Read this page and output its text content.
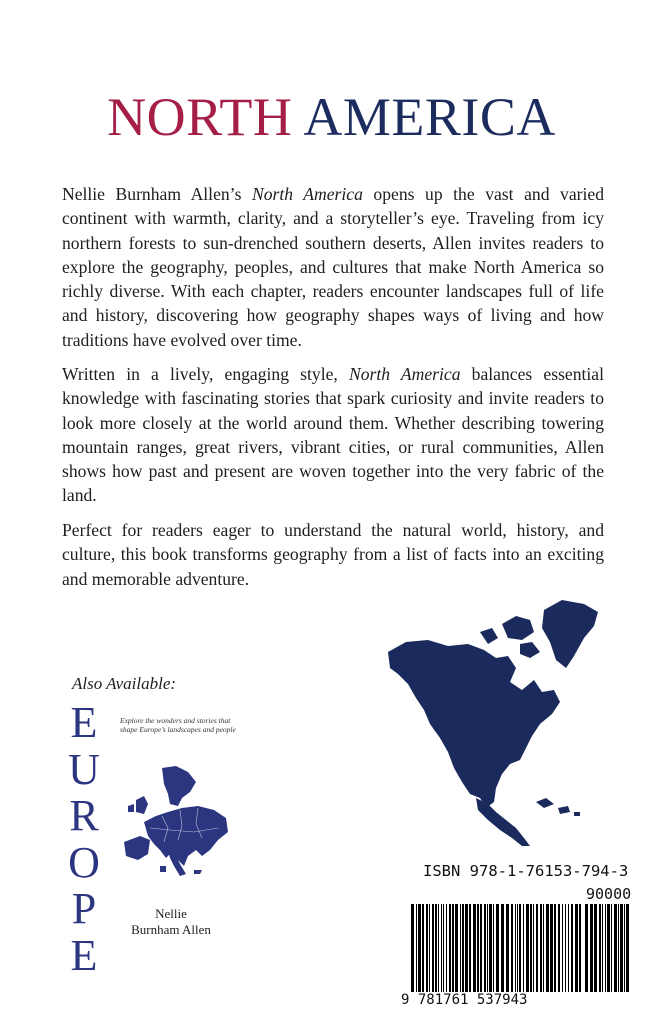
NORTH AMERICA

Nellie Burnham Allen’s North America opens up the vast and varied continent with warmth, clarity, and a storyteller’s eye. Traveling from icy northern forests to sun-drenched southern deserts, Allen invites readers to explore the geography, peoples, and cultures that make North America so richly diverse. With each chapter, readers encounter landscapes full of life and history, discovering how geography shapes ways of living and how traditions have evolved over time.

Written in a lively, engaging style, North America balances essential knowledge with fascinating stories that spark curiosity and invite readers to look more closely at the world around them. Whether describing towering mountain ranges, great rivers, vibrant cities, or rural communities, Allen shows how past and present are woven together into the very fabric of the land.

Perfect for readers eager to understand the natural world, history, and culture, this book transforms geography from a list of facts into an exciting and memorable adventure.

Also Available:
E
U
R
O
P
E
Explore the wonders and stories that shape Europe’s landscapes and people
Nellie
Burnham Allen
ISBN 978-1-76153-794-3
90000
9 781761 537943
